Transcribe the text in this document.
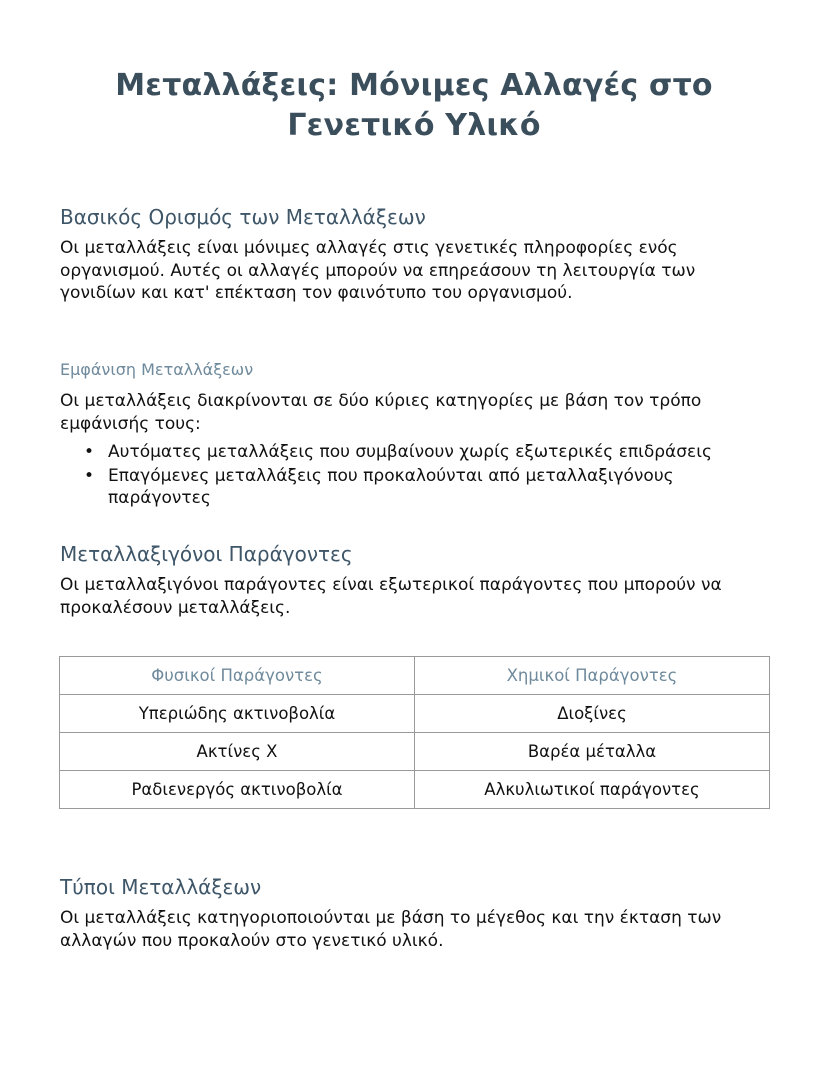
Μεταλλάξεις: Μόνιμες Αλλαγές στο Γενετικό Υλικό
Βασικός Ορισμός των Μεταλλάξεων

Οι μεταλλάξεις είναι μόνιμες αλλαγές στις γενετικές πληροφορίες ενός οργανισμού. Αυτές οι αλλαγές μπορούν να επηρεάσουν τη λειτουργία των γονιδίων και κατ' επέκταση τον φαινότυπο του οργανισμού.

Εμφάνιση Μεταλλάξεων

Οι μεταλλάξεις διακρίνονται σε δύο κύριες κατηγορίες με βάση τον τρόπο εμφάνισής τους:

• Αυτόματες μεταλλάξεις που συμβαίνουν χωρίς εξωτερικές επιδράσεις
• Επαγόμενες μεταλλάξεις που προκαλούνται από μεταλλαξιγόνους παράγοντες
Μεταλλαξιγόνοι Παράγοντες

Οι μεταλλαξιγόνοι παράγοντες είναι εξωτερικοί παράγοντες που μπορούν να προκαλέσουν μεταλλάξεις.

Φυσικοί Παράγοντες	Χημικοί Παράγοντες
Υπεριώδης ακτινοβολία	Διοξίνες
Ακτίνες Χ	Βαρέα μέταλλα
Ραδιενεργός ακτινοβολία	Αλκυλιωτικοί παράγοντες
Τύποι Μεταλλάξεων

Οι μεταλλάξεις κατηγοριοποιούνται με βάση το μέγεθος και την έκταση των αλλαγών που προκαλούν στο γενετικό υλικό.
